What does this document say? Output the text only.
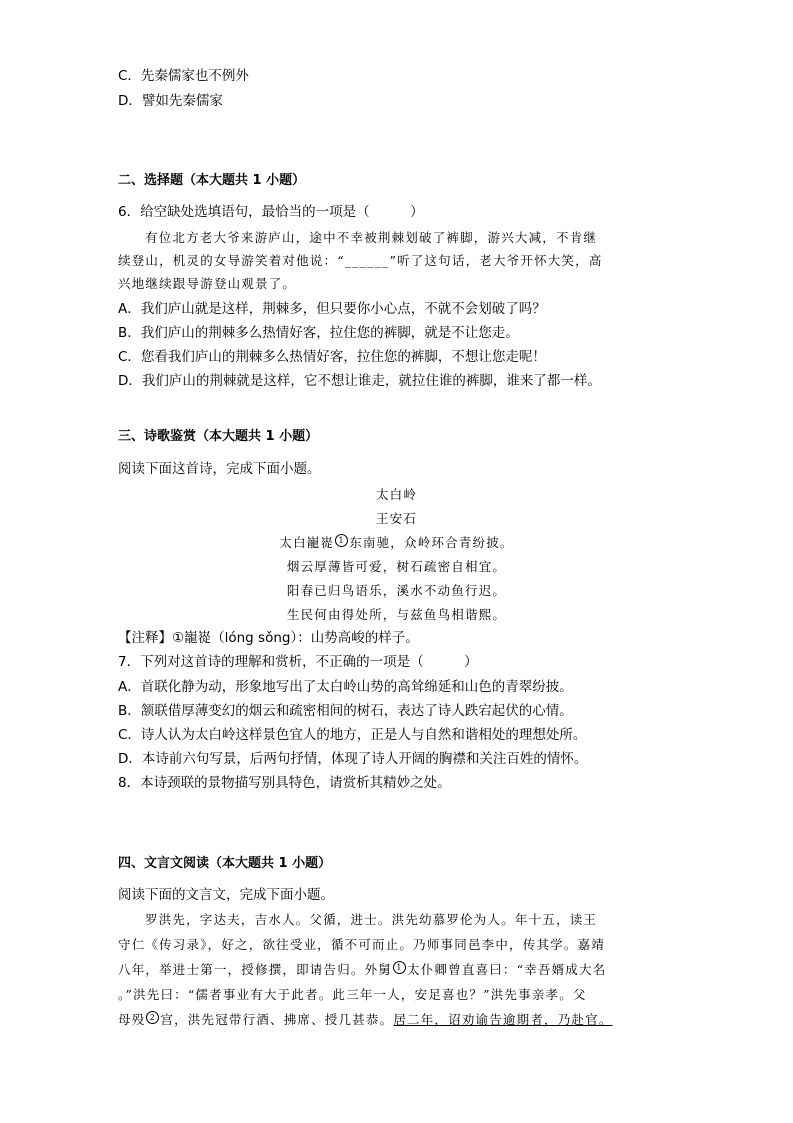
C．先秦儒家也不例外
D．譬如先秦儒家
二、选择题（本大题共 1 小题）
6．给空缺处选填语句，最恰当的一项是（　　　）
有位北方老大爷来游庐山，途中不幸被荆棘划破了裤脚，游兴大减，不肯继
续登山，机灵的女导游笑着对他说：“______”听了这句话，老大爷开怀大笑，高
兴地继续跟导游登山观景了。
A．我们庐山就是这样，荆棘多，但只要你小心点，不就不会划破了吗？
B．我们庐山的荆棘多么热情好客，拉住您的裤脚，就是不让您走。
C．您看我们庐山的荆棘多么热情好客，拉住您的裤脚，不想让您走呢！
D．我们庐山的荆棘就是这样，它不想让谁走，就拉住谁的裤脚，谁来了都一样。
三、诗歌鉴赏（本大题共 1 小题）
阅读下面这首诗，完成下面小题。
太白岭
王安石
太白巃嵸 1 东南驰，众岭环合青纷披。
烟云厚薄皆可爱，树石疏密自相宜。
阳春已归鸟语乐，溪水不动鱼行迟。
生民何由得处所，与兹鱼鸟相谐熙。
【注释】①巃嵸（lóng sǒng）：山势高峻的样子。
7．下列对这首诗的理解和赏析，不正确的一项是（　　　）
A．首联化静为动，形象地写出了太白岭山势的高耸绵延和山色的青翠纷披。
B．颔联借厚薄变幻的烟云和疏密相间的树石，表达了诗人跌宕起伏的心情。
C．诗人认为太白岭这样景色宜人的地方，正是人与自然和谐相处的理想处所。
D．本诗前六句写景，后两句抒情，体现了诗人开阔的胸襟和关注百姓的情怀。
8．本诗颈联的景物描写别具特色，请赏析其精妙之处。
四、文言文阅读（本大题共 1 小题）
阅读下面的文言文，完成下面小题。
罗洪先，字达夫，吉水人。父循，进士。洪先幼慕罗伦为人。年十五，读王
守仁《传习录》，好之，欲往受业，循不可而止。乃师事同邑李中，传其学。嘉靖
八年，举进士第一，授修撰，即请告归。外舅 1 太仆卿曾直喜曰：“幸吾婿成大名
。”洪先曰：“儒者事业有大于此者。此三年一人，安足喜也？”洪先事亲孝。父
母殁 2 宫，洪先冠带行酒、拂席、授几甚恭。居二年，诏劝谕告逾期者，乃赴官。
